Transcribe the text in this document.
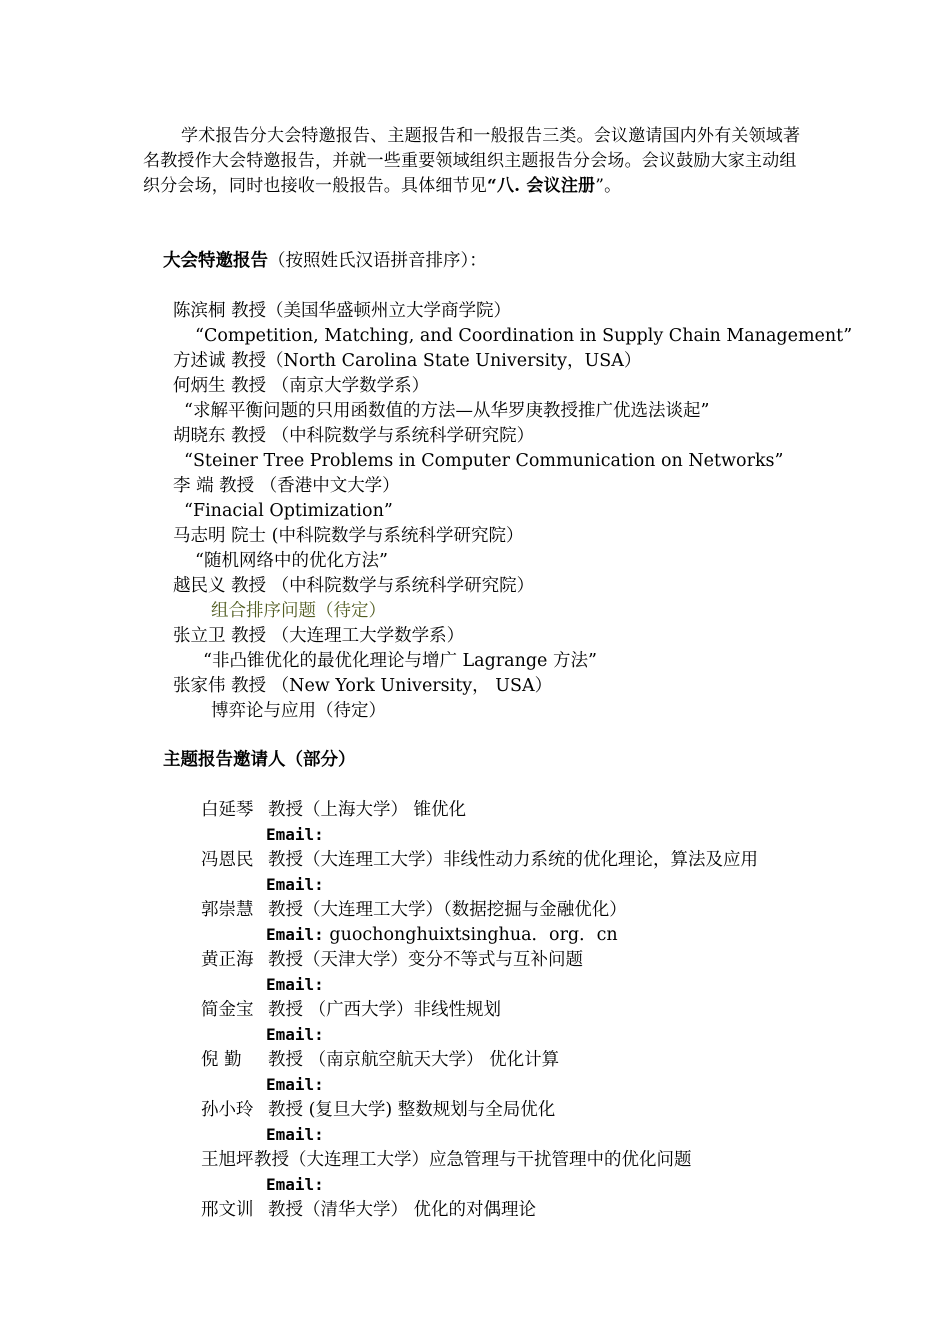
学术报告分大会特邀报告、主题报告和一般报告三类。会议邀请国内外有关领域著名教授作大会特邀报告，并就一些重要领域组织主题报告分会场。会议鼓励大家主动组织分会场，同时也接收一般报告。具体细节见“八. 会议注册”。
大会特邀报告（按照姓氏汉语拼音排序）：
陈滨桐 教授（美国华盛顿州立大学商学院）
“Competition, Matching, and Coordination in Supply Chain Management”
方述诚 教授（North Carolina State University，USA）
何炳生 教授 （南京大学数学系）
“求解平衡问题的只用函数值的方法—从华罗庚教授推广优选法谈起”
胡晓东 教授 （中科院数学与系统科学研究院）
“Steiner Tree Problems in Computer Communication on Networks”
李 端 教授 （香港中文大学）
“Finacial Optimization”
马志明 院士 (中科院数学与系统科学研究院）
“随机网络中的优化方法”
越民义 教授 （中科院数学与系统科学研究院）
组合排序问题（待定）
张立卫 教授 （大连理工大学数学系）
“非凸锥优化的最优化理论与增广 Lagrange 方法”
张家伟 教授 （New York University， USA）
博弈论与应用（待定）
主题报告邀请人（部分）
白延琴 教授（上海大学） 锥优化
Email:
冯恩民 教授（大连理工大学）非线性动力系统的优化理论，算法及应用
Email:
郭崇慧 教授（大连理工大学）（数据挖掘与金融优化）
Email: guochonghuixtsinghua．org．cn
黄正海 教授（天津大学）变分不等式与互补问题
Email:
简金宝 教授 （广西大学）非线性规划
Email:
倪 勤 教授 （南京航空航天大学） 优化计算
Email:
孙小玲 教授 (复旦大学) 整数规划与全局优化
Email:
王旭坪 教授（大连理工大学）应急管理与干扰管理中的优化问题
Email:
邢文训 教授（清华大学） 优化的对偶理论
